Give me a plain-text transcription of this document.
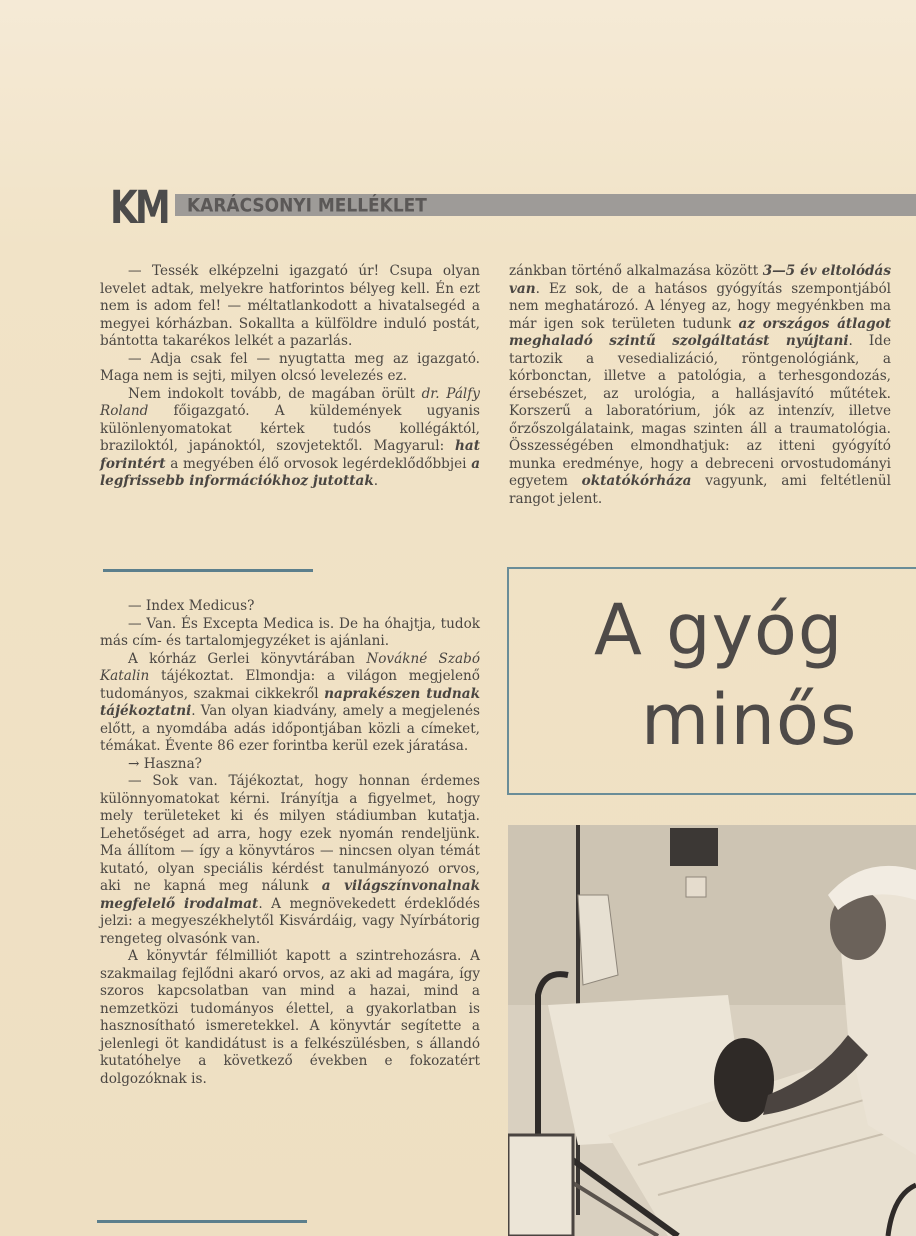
KM KARÁCSONYI MELLÉKLET

— Tessék elképzelni igazgató úr! Csupa olyan levelet adtak, melyekre hatforintos bélyeg kell. Én ezt nem is adom fel! — méltatlankodott a hivatalsegéd a megyei kórházban. Sokallta a külföldre induló postát, bántotta takarékos lelkét a pazarlás.

— Adja csak fel — nyugtatta meg az igazgató. Maga nem is sejti, milyen olcsó levelezés ez.

Nem indokolt tovább, de magában örült dr. Pálfy Roland főigazgató. A küldemények ugyanis különlenyomatokat kértek tudós kollégáktól, braziloktól, japánoktól, szovjetektől. Magyarul: hat forintért a megyében élő orvosok legérdeklődőbbjei a legfrissebb információkhoz jutottak.

zánkban történő alkalmazása között 3—5 év eltolódás van. Ez sok, de a hatásos gyógyítás szempontjából nem meghatározó. A lényeg az, hogy megyénkben ma már igen sok területen tudunk az országos átlagot meghaladó szintű szolgáltatást nyújtani. Ide tartozik a vesedializáció, röntgenológiánk, a kórbonctan, illetve a patológia, a terhesgondozás, érsebészet, az urológia, a hallásjavító műtétek. Korszerű a laboratórium, jók az intenzív, illetve őrzőszolgálataink, magas szinten áll a traumatológia. Összességében elmondhatjuk: az itteni gyógyító munka eredménye, hogy a debreceni orvostudományi egyetem oktatókórháza vagyunk, ami feltétlenül rangot jelent.

— Index Medicus?

— Van. És Excepta Medica is. De ha óhajtja, tudok más cím- és tartalomjegyzéket is ajánlani.

A kórház Gerlei könyvtárában Novákné Szabó Katalin tájékoztat. Elmondja: a világon megjelenő tudományos, szakmai cikkekről naprakészen tudnak tájékoztatni. Van olyan kiadvány, amely a megjelenés előtt, a nyomdába adás időpontjában közli a címeket, témákat. Évente 86 ezer forintba kerül ezek járatása.

→ Haszna?

— Sok van. Tájékoztat, hogy honnan érdemes különnyomatokat kérni. Irányítja a figyelmet, hogy mely területeket ki és milyen stádiumban kutatja. Lehetőséget ad arra, hogy ezek nyomán rendeljünk. Ma állítom — így a könyvtáros — nincsen olyan témát kutató, olyan speciális kérdést tanulmányozó orvos, aki ne kapná meg nálunk a világszínvonalnak megfelelő irodalmat. A megnövekedett érdeklődés jelzi: a megyeszékhelytől Kisvárdáig, vagy Nyírbátorig rengeteg olvasónk van.

A könyvtár félmilliót kapott a szintrehozásra. A szakmailag fejlődni akaró orvos, az aki ad magára, így szoros kapcsolatban van mind a hazai, mind a nemzetközi tudományos élettel, a gyakorlatban is hasznosítható ismeretekkel. A könyvtár segítette a jelenlegi öt kandidátust is a felkészülésben, s állandó kutatóhelye a következő években e fokozatért dolgozóknak is.

A gyóg
minős
